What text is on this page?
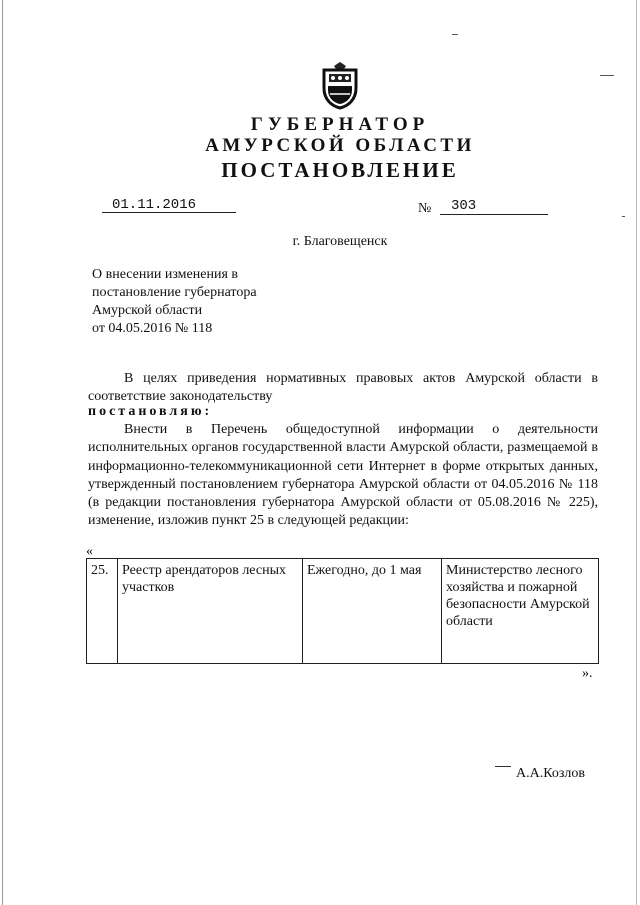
ГУБЕРНАТОР
АМУРСКОЙ ОБЛАСТИ
ПОСТАНОВЛЕНИЕ
01.11.2016	№ 303
г. Благовещенск
О внесении изменения в
постановление губернатора
Амурской области
от 04.05.2016 № 118
В целях приведения нормативных правовых актов Амурской области в соответствие законодательству
постановляю:
Внести в Перечень общедоступной информации о деятельности исполнительных органов государственной власти Амурской области, размещаемой в информационно-телекоммуникационной сети Интернет в форме открытых данных, утвержденный постановлением губернатора Амурской области от 04.05.2016 № 118 (в редакции постановления губернатора Амурской области от 05.08.2016 № 225), изменение, изложив пункт 25 в следующей редакции:
«
25.	Реестр арендаторов лесных участков	Ежегодно, до 1 мая	Министерство лесного хозяйства и пожарной безопасности Амурской области
».
А.А.Козлов
